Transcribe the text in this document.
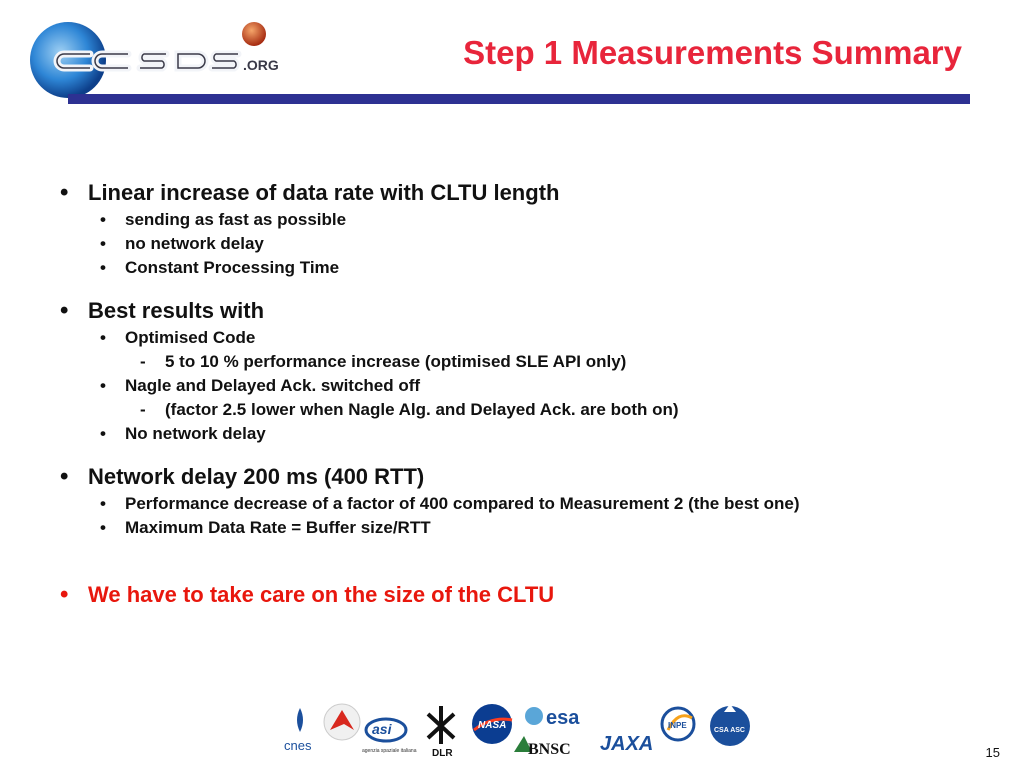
.ORG	Step 1 Measurements Summary
• Linear increase of data rate with CLTU length
• sending as fast as possible
• no network delay
• Constant Processing Time
• Best results with
• Optimised Code
- 5 to 10 % performance increase (optimised SLE API only)
• Nagle and Delayed Ack. switched off
- (factor 2.5 lower when Nagle Alg. and Delayed Ack. are both on)
• No network delay
• Network delay 200 ms (400 RTT)
• Performance decrease of a factor of 400 compared to Measurement 2 (the best one)
• Maximum Data Rate = Buffer size/RTT
• We have to take care on the size of the CLTU
cnes
asi
agenzia spaziale italiana DLR
NASA esa
BNSC JAXA
INPE
CSA ASC
15
